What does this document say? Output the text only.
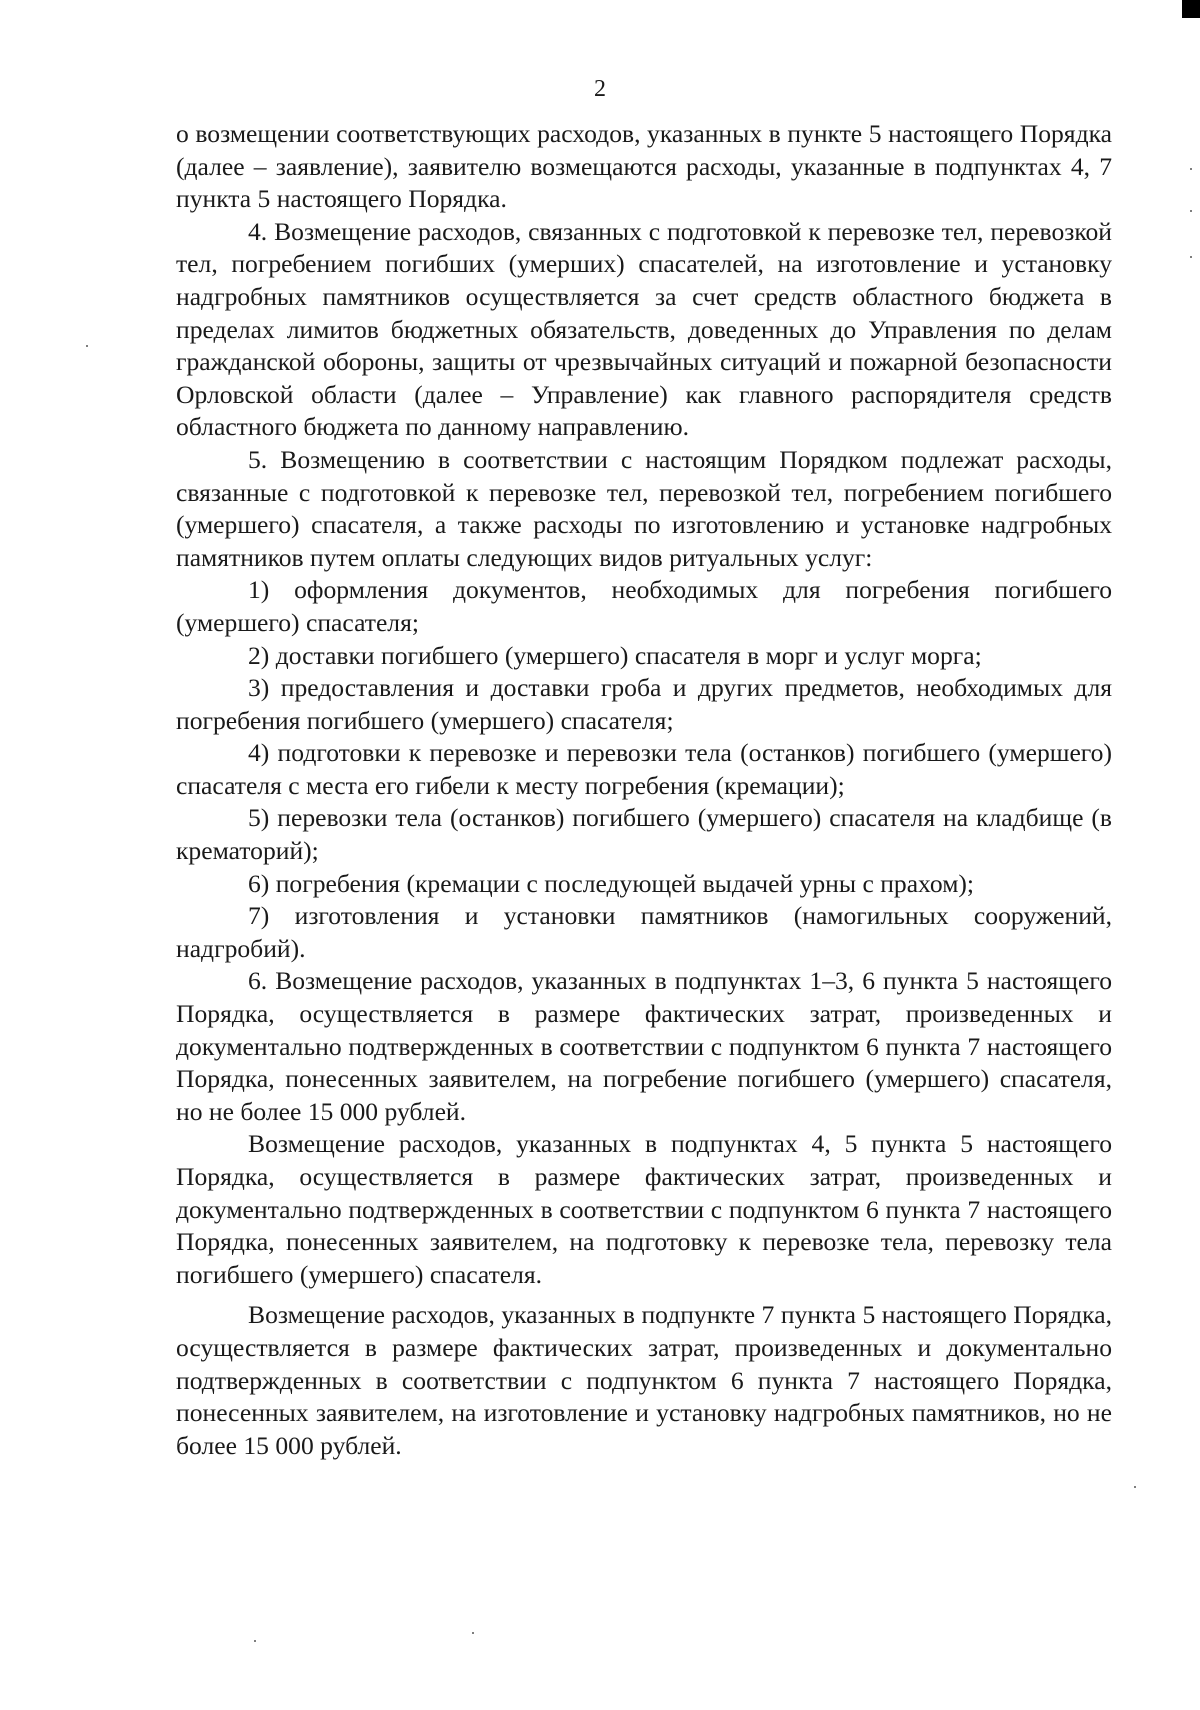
2

о возмещении соответствующих расходов, указанных в пункте 5 настоящего Порядка (далее – заявление), заявителю возмещаются расходы, указанные в подпунктах 4, 7 пункта 5 настоящего Порядка.

4. Возмещение расходов, связанных с подготовкой к перевозке тел, перевозкой тел, погребением погибших (умерших) спасателей, на изготовление и установку надгробных памятников осуществляется за счет средств областного бюджета в пределах лимитов бюджетных обязательств, доведенных до Управления по делам гражданской обороны, защиты от чрезвычайных ситуаций и пожарной безопасности Орловской области (далее – Управление) как главного распорядителя средств областного бюджета по данному направлению.

5. Возмещению в соответствии с настоящим Порядком подлежат расходы, связанные с подготовкой к перевозке тел, перевозкой тел, погребением погибшего (умершего) спасателя, а также расходы по изготовлению и установке надгробных памятников путем оплаты следующих видов ритуальных услуг:

1) оформления документов, необходимых для погребения погибшего (умершего) спасателя;

2) доставки погибшего (умершего) спасателя в морг и услуг морга;

3) предоставления и доставки гроба и других предметов, необходимых для погребения погибшего (умершего) спасателя;

4) подготовки к перевозке и перевозки тела (останков) погибшего (умершего) спасателя с места его гибели к месту погребения (кремации);

5) перевозки тела (останков) погибшего (умершего) спасателя на кладбище (в крематорий);

6) погребения (кремации с последующей выдачей урны с прахом);

7) изготовления и установки памятников (намогильных сооружений, надгробий).

6. Возмещение расходов, указанных в подпунктах 1–3, 6 пункта 5 настоящего Порядка, осуществляется в размере фактических затрат, произведенных и документально подтвержденных в соответствии с подпунктом 6 пункта 7 настоящего Порядка, понесенных заявителем, на погребение погибшего (умершего) спасателя, но не более 15 000 рублей.

Возмещение расходов, указанных в подпунктах 4, 5 пункта 5 настоящего Порядка, осуществляется в размере фактических затрат, произведенных и документально подтвержденных в соответствии с подпунктом 6 пункта 7 настоящего Порядка, понесенных заявителем, на подготовку к перевозке тела, перевозку тела погибшего (умершего) спасателя.

Возмещение расходов, указанных в подпункте 7 пункта 5 настоящего Порядка, осуществляется в размере фактических затрат, произведенных и документально подтвержденных в соответствии с подпунктом 6 пункта 7 настоящего Порядка, понесенных заявителем, на изготовление и установку надгробных памятников, но не более 15 000 рублей.
